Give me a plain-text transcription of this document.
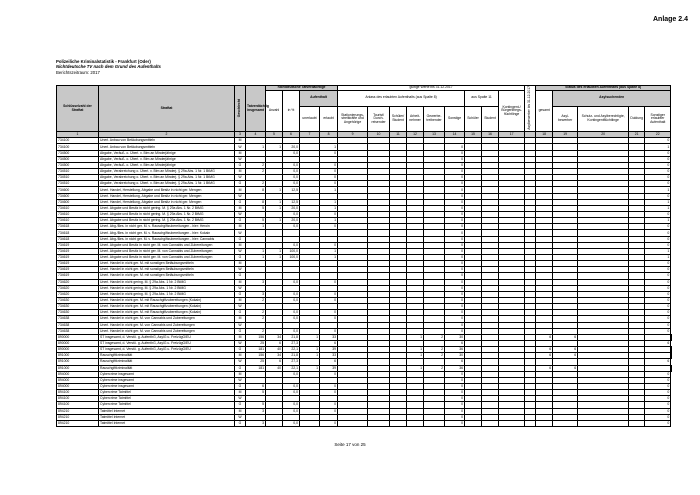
Anlage 2.4
Polizeiliche Kriminalstatistik - Frankfurt (Oder)
Nichtdeutsche TV nach dem Grund des Aufenthalts
Berichtszeitraum: 2017
Schlüsselzahl der Straftat	Straftat	Geschlecht	Tatverdächtig insgesamt	nichtdeutsche Tatverdächtige				gültige Werte bis 31.12.2017									Asylbewerber bis 31.12.2017	Status des erlaubten Aufenthalts (aus Spalte 8)					
				Anzahl	in %	Aufenthalt		Anlass des erlaubten Aufenthalts (aus Spalte 8)						aus Spalte 11		Kontingent-/ Bürgerkriegs- flüchtlinge		gesamt	Asylsuchenden				
						unerlaubt	erlaubt	Stationierungs- streitkräfte und Angehörige	Tourist/ Durch- reisender	Schüler/ Student	Arbeit- nehmer	Gewerbe- treibender	Sonstige	Schüler	Student				Asyl- bewerber	Schutz- und Asylberechtigte, Kontingentflüchtlinge	Duldung	Sonstiger erlaubter Aufenthalt	

1	2	3	4	5	6	7	8	9	10	11	12	13	14	15	16	17		18	19	20	21	22	
734100	Unerl. Anbau von Betäubungsmitteln	M																				0	
734100	Unerl. Anbau von Betäubungsmitteln	W	1	1	20,0		1						0									1	
734500	Abgabe, Veräuß. o. Überl. v. Btm an Minderjährige	M			0,0		0						0									0	
734500	Abgabe, Veräuß. o. Überl. v. Btm an Minderjährige	W											0									0	
734500	Abgabe, Veräuß. o. Überl. v. Btm an Minderjährige	G	2		0,0		0						0									0	
734510	Abgabe, Verabreichung o. Überl. v. Btm an Minderj. § 29a Abs. 1 Nr. 1 BtMG	M	2		0,0		0						0									0	
734510	Abgabe, Verabreichung o. Überl. v. Btm an Minderj. § 29a Abs. 1 Nr. 1 BtMG	W			0,0		0						0									0	
734510	Abgabe, Verabreichung o. Überl. v. Btm an Minderj. § 29a Abs. 1 Nr. 1 BtMG	G	2		0,0		0						0									0	
734600	Unerl. Handel, Herstellung, Abgabe und Besitz in nicht ger. Mengen	M	8	1	12,5		1						0									1	
734600	Unerl. Handel, Herstellung, Abgabe und Besitz in nicht ger. Mengen	W											0									0	
734600	Unerl. Handel, Herstellung, Abgabe und Besitz in nicht ger. Mengen	G	8	1	12,5		1						0									1	
734610	Unerl. Abgabe und Besitz in nicht gering. M. § 29a Abs. 1 Nr. 2 BtMG	M	5	1	20,0		1						0									1	
734610	Unerl. Abgabe und Besitz in nicht gering. M. § 29a Abs. 1 Nr. 2 BtMG	W			0,0		0						0									0	
734610	Unerl. Abgabe und Besitz in nicht gering. M. § 29a Abs. 1 Nr. 2 BtMG	G	5	1	20,0		1						0									1	
734618	Unerl. Abg./Bes. in nicht ger. M. v. Rauschgiftzubereitungen - hier: Heroin	M	1		0,0		0						0									0	
734618	Unerl. Abg./Bes. in nicht ger. M. v. Rauschgiftzubereitungen - hier: Kokain	W											0									0	
734618	Unerl. Abg./Bes. in nicht ger. M. v. Rauschgiftzubereitungen - hier: Cannabis	G											0									0	
734619	Unerl. Abgabe und Besitz in nicht ger. M. von Cannabis und Zubereitungen	M			0,0		0						0									0	
734619	Unerl. Abgabe und Besitz in nicht ger. M. von Cannabis und Zubereitungen	W	1	1	100,0		1						0									1	
734619	Unerl. Abgabe und Besitz in nicht ger. M. von Cannabis und Zubereitungen	G	1	1	100,0		1						0									1	
734619	Unerl. Handel in nicht ger. M. mit sonstigen Betäubungsmitteln	M											0									0	
734619	Unerl. Handel in nicht ger. M. mit sonstigen Betäubungsmitteln	W											0									0	
734619	Unerl. Handel in nicht ger. M. mit sonstigen Betäubungsmitteln	G											0									0	
734620	Unerl. Handel in nicht gering. M. § 29a Abs. 1 Nr. 2 BtMG	M	3		0,0		0						0									0	
734620	Unerl. Handel in nicht gering. M. § 29a Abs. 1 Nr. 2 BtMG	W											0									0	
734620	Unerl. Handel in nicht gering. M. § 29a Abs. 1 Nr. 2 BtMG	G	3		0,0		0						0									0	
734630	Unerl. Handel in nicht ger. M. mit Rauschgiftzubereitungen (Kokain)	M	2		0,0		0						0									0	
734630	Unerl. Handel in nicht ger. M. mit Rauschgiftzubereitungen (Kokain)	W											0									0	
734630	Unerl. Handel in nicht ger. M. mit Rauschgiftzubereitungen (Kokain)	G	2		0,0		0						0									0	
734638	Unerl. Handel in nicht ger. M. von Cannabis und Zubereitungen	M	2		0,0		0						0									0	
734638	Unerl. Handel in nicht ger. M. von Cannabis und Zubereitungen	W											0									0	
734638	Unerl. Handel in nicht ger. M. von Cannabis und Zubereitungen	G	2		0,0		0						0									0	
890000	ST insgesamt, d. Verstö. g. AufenthG, AsylG u. FreizügG/EU	M	156	34	21,8	1	33				1	2	30					6	6				
890000	ST insgesamt, d. Verstö. g. AufenthG, AsylG u. FreizügG/EU	W	25	6	27,3		6						6									6	
890000	ST insgesamt, d. Verstö. g. AufenthG, AsylG u. FreizügG/EU	G	181	40	22,1	1	39				1	2	36					6	6				
891000	Rauschgiftkriminalität	M	156	34	21,8	1	33				1	2	30					6	6				
891000	Rauschgiftkriminalität	W	25	6	27,3		6						6									6	
891000	Rauschgiftkriminalität	G	181	40	22,1	1	39				1	2	36					6	6				
894000	Cybercrime insgesamt	M			0,0		0						0									0	
894000	Cybercrime insgesamt	W											0									0	
894000	Cybercrime insgesamt	G	6		0,0		0						0									0	
894100	Cybercrime Tatmittel	M	5		0,0		0						0									0	
894100	Cybercrime Tatmittel	W											0									0	
894100	Cybercrime Tatmittel	G	5		0,0		0						0									0	
894210	Tatmittel Internet	M	3		0,0		0						0									0	
894210	Tatmittel Internet	W											0									0	
894210	Tatmittel Internet	G	3		0,0		0						0									0	
Seite 17 von 25
